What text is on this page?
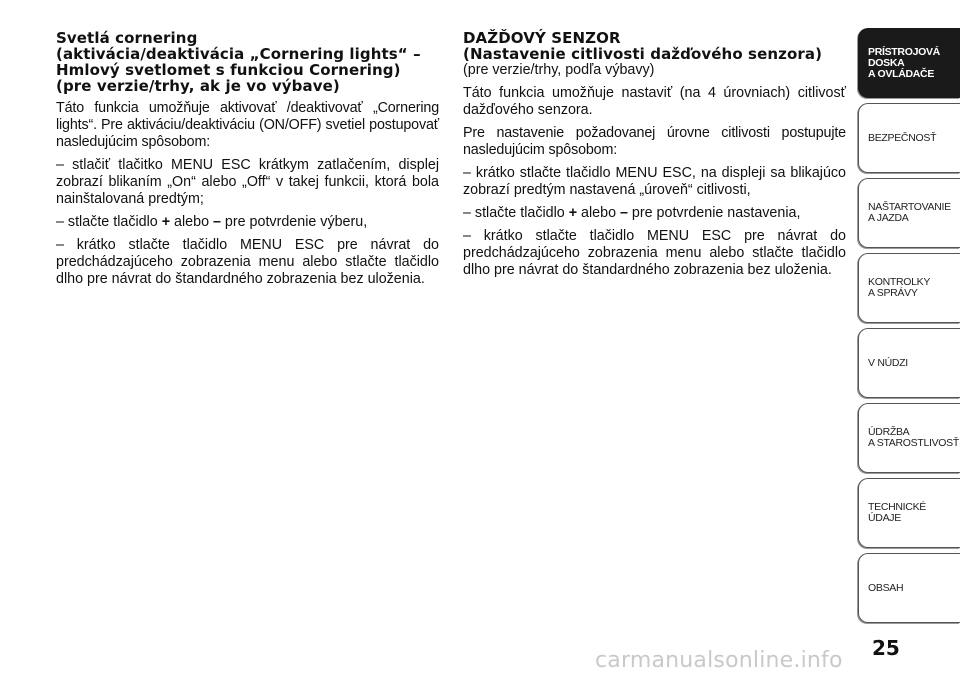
Svetlá cornering
(aktivácia/deaktivácia „Cornering lights“ –
Hmlový svetlomet s funkciou Cornering)
(pre verzie/trhy, ak je vo výbave)

Táto funkcia umožňuje aktivovať /deaktivovať „Cornering lights“. Pre aktiváciu/deaktiváciu (ON/OFF) svetiel postupovať nasledujúcim spôsobom:

– stlačiť tlačitko MENU ESC krátkym zatlačením, displej zobrazí blikaním „On“ alebo „Off“ v takej funkcii, ktorá bola nainštalovaná predtým;

– stlačte tlačidlo + alebo – pre potvrdenie výberu,

– krátko stlačte tlačidlo MENU ESC pre návrat do predchádzajúceho zobrazenia menu alebo stlačte tlačidlo dlho pre návrat do štandardného zobrazenia bez uloženia.

DAŽĎOVÝ SENZOR
(Nastavenie citlivosti dažďového senzora)

(pre verzie/trhy, podľa výbavy)

Táto funkcia umožňuje nastaviť (na 4 úrovniach) citlivosť dažďového senzora.

Pre nastavenie požadovanej úrovne citlivosti postupujte nasledujúcim spôsobom:

– krátko stlačte tlačidlo MENU ESC, na displeji sa blikajúco zobrazí predtým nastavená „úroveň“ citlivosti,

– stlačte tlačidlo + alebo – pre potvrdenie nastavenia,

– krátko stlačte tlačidlo MENU ESC pre návrat do predchádzajúceho zobrazenia menu alebo stlačte tlačidlo dlho pre návrat do štandardného zobrazenia bez uloženia.

PRÍSTROJOVÁ
DOSKA
A OVLÁDAČE
BEZPEČNOSŤ
NAŠTARTOVANIE
A JAZDA
KONTROLKY
A SPRÁVY
V NÚDZI
ÚDRŽBA
A STAROSTLIVOSŤ
TECHNICKÉ ÚDAJE
OBSAH
25
carmanualsonline.info
